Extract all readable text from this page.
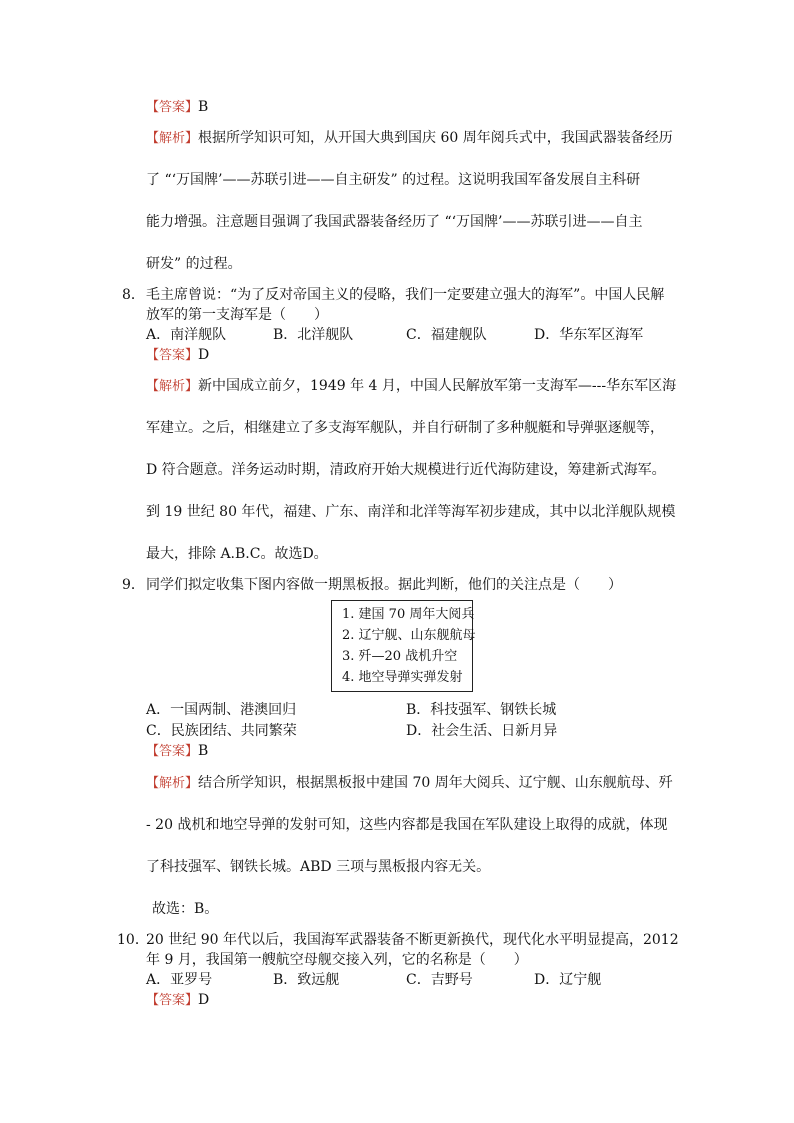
【答案】B
【解析】根据所学知识可知，从开国大典到国庆 60 周年阅兵式中，我国武器装备经历
了 “‘万国牌’——苏联引进——自主研发” 的过程。这说明我国军备发展自主科研
能力增强。注意题目强调了我国武器装备经历了 “‘万国牌’——苏联引进——自主
研发” 的过程。
8． 毛主席曾说：“为了反对帝国主义的侵略，我们一定要建立强大的海军”。中国人民解
放军的第一支海军是（　　）
A．南洋舰队	B．北洋舰队	C．福建舰队	D．华东军区海军
【答案】D
【解析】新中国成立前夕，1949 年 4 月，中国人民解放军第一支海军—---华东军区海
军建立。之后，相继建立了多支海军舰队，并自行研制了多种舰艇和导弹驱逐舰等，
D 符合题意。洋务运动时期，清政府开始大规模进行近代海防建设，筹建新式海军。
到 19 世纪 80 年代，福建、广东、南洋和北洋等海军初步建成，其中以北洋舰队规模
最大，排除 A.B.C。故选D。
9． 同学们拟定收集下图内容做一期黑板报。据此判断，他们的关注点是（　　）
1. 建国 70 周年大阅兵
2. 辽宁舰、山东舰航母
3. 歼—20 战机升空
4. 地空导弹实弹发射
A．一国两制、港澳回归	B．科技强军、钢铁长城
C．民族团结、共同繁荣	D．社会生活、日新月异
【答案】B
【解析】结合所学知识，根据黑板报中建国 70 周年大阅兵、辽宁舰、山东舰航母、歼
- 20 战机和地空导弹的发射可知，这些内容都是我国在军队建设上取得的成就，体现
了科技强军、钢铁长城。ABD 三项与黑板报内容无关。
故选：B。
10．
20 世纪 90 年代以后，我国海军武器装备不断更新换代，现代化水平明显提高，2012
年 9 月，我国第一艘航空母舰交接入列，它的名称是（　　）
A．亚罗号	B．致远舰	C．吉野号	D．辽宁舰
【答案】D
